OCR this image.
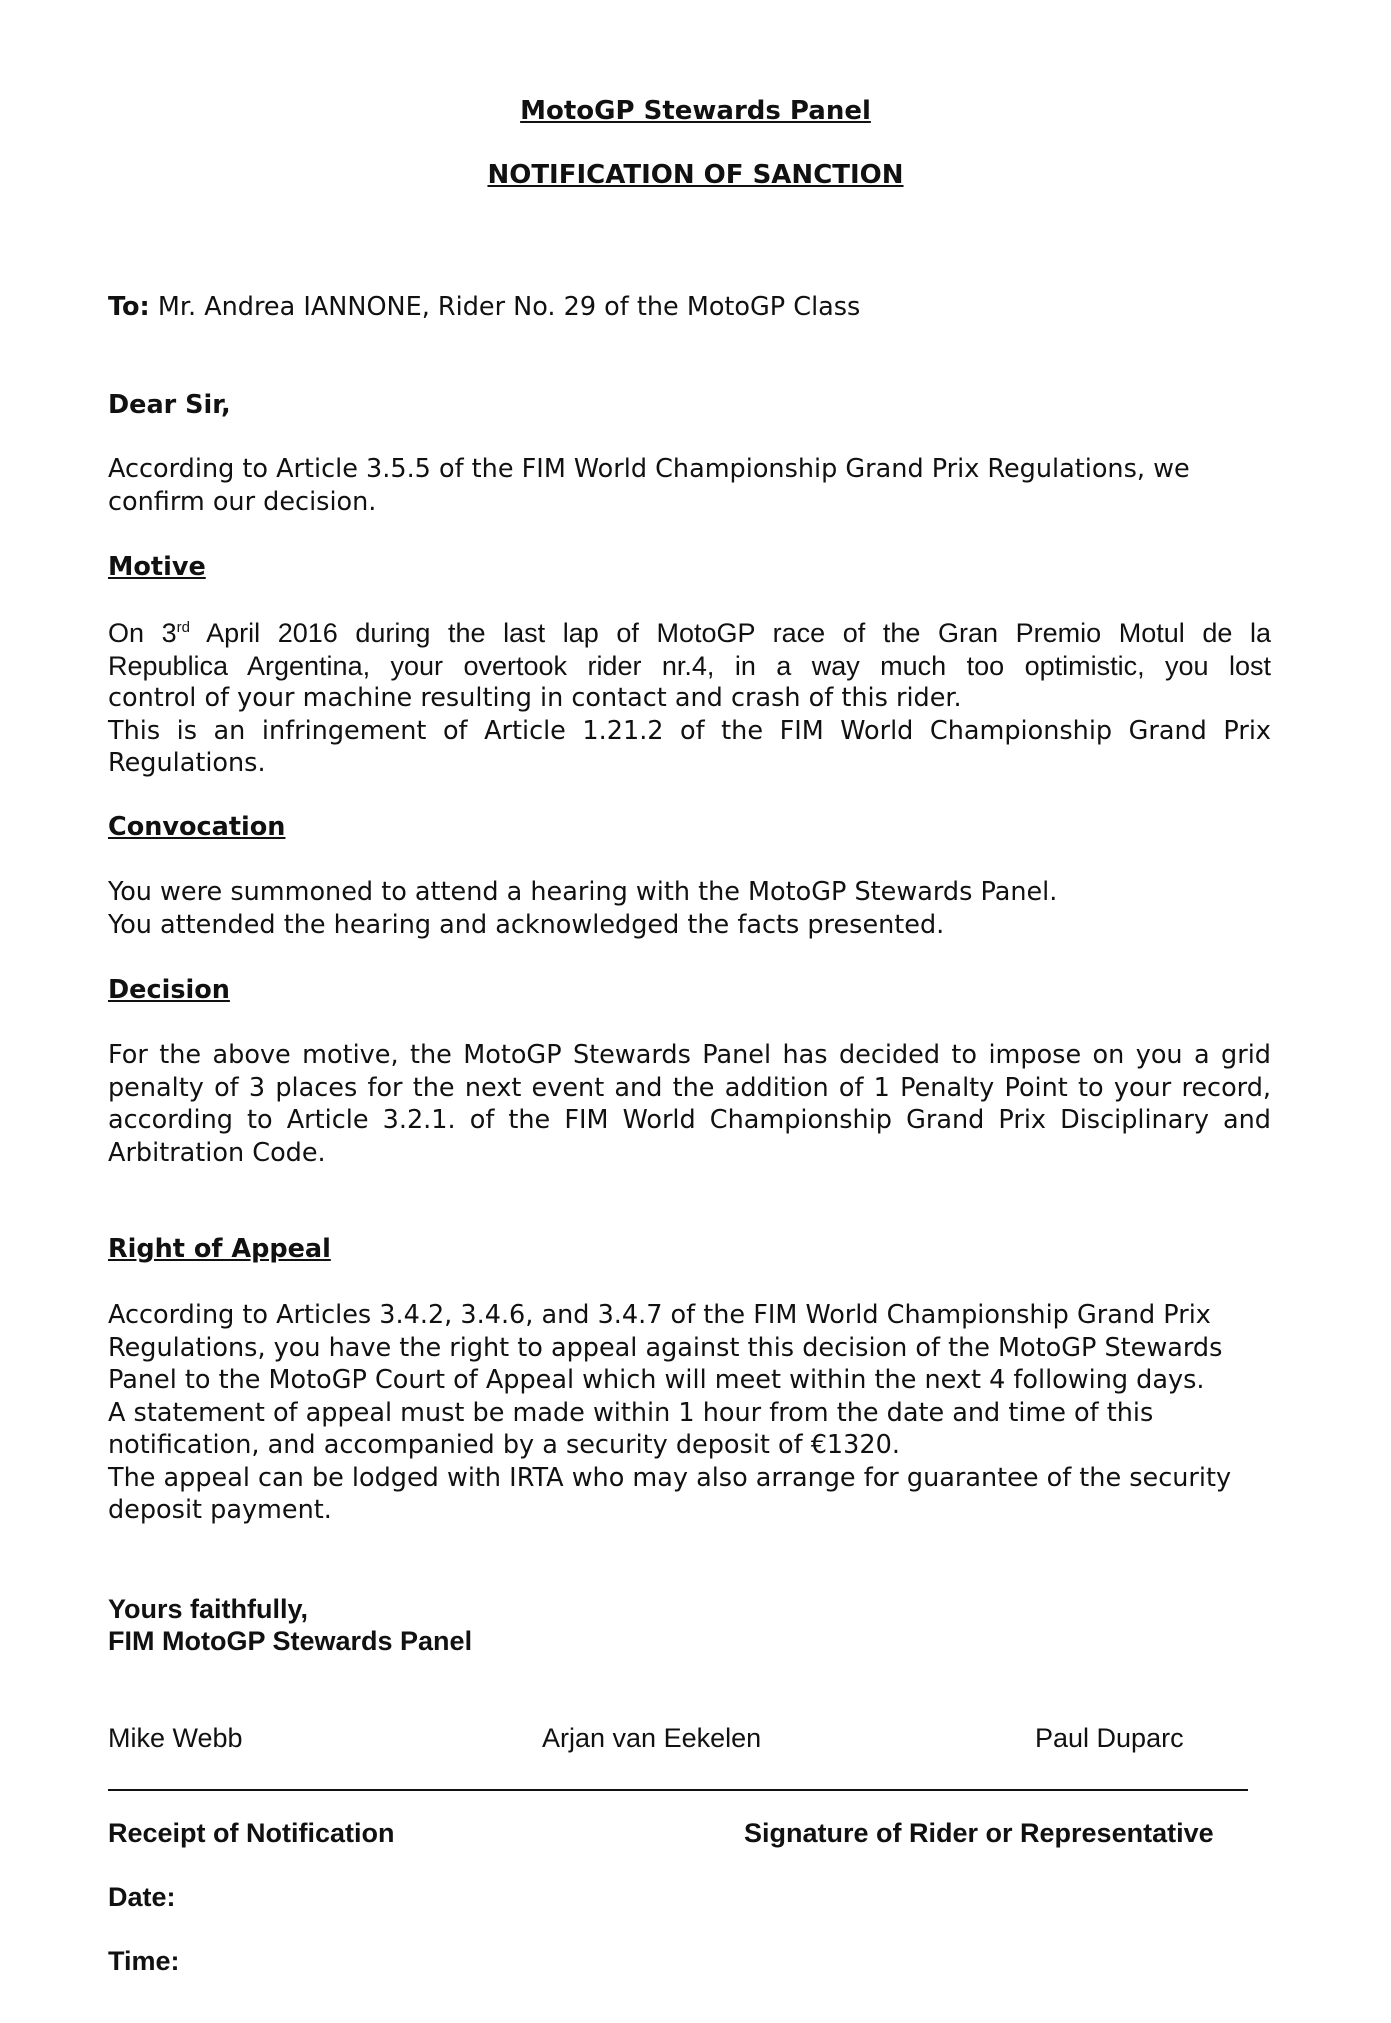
MotoGP Stewards Panel
NOTIFICATION OF SANCTION
To: Mr. Andrea IANNONE, Rider No. 29 of the MotoGP Class
Dear Sir,

According to Article 3.5.5 of the FIM World Championship Grand Prix Regulations, we

confirm our decision.

Motive

On 3rd April 2016 during the last lap of MotoGP race of the Gran Premio Motul de la

Republica Argentina, your overtook rider nr.4, in a way much too optimistic, you lost

control of your machine resulting in contact and crash of this rider.

This is an infringement of Article 1.21.2 of the FIM World Championship Grand Prix

Regulations.

Convocation

You were summoned to attend a hearing with the MotoGP Stewards Panel.

You attended the hearing and acknowledged the facts presented.

Decision

For the above motive, the MotoGP Stewards Panel has decided to impose on you a grid

penalty of 3 places for the next event and the addition of 1 Penalty Point to your record,

according to Article 3.2.1. of the FIM World Championship Grand Prix Disciplinary and

Arbitration Code.

Right of Appeal

According to Articles 3.4.2, 3.4.6, and 3.4.7 of the FIM World Championship Grand Prix

Regulations, you have the right to appeal against this decision of the MotoGP Stewards

Panel to the MotoGP Court of Appeal which will meet within the next 4 following days.

A statement of appeal must be made within 1 hour from the date and time of this

notification, and accompanied by a security deposit of €1320.

The appeal can be lodged with IRTA who may also arrange for guarantee of the security

deposit payment.

Yours faithfully,
FIM MotoGP Stewards Panel
Mike Webb	Arjan van Eekelen	Paul Duparc
Receipt of Notification	Signature of Rider or Representative
Date:
Time:
